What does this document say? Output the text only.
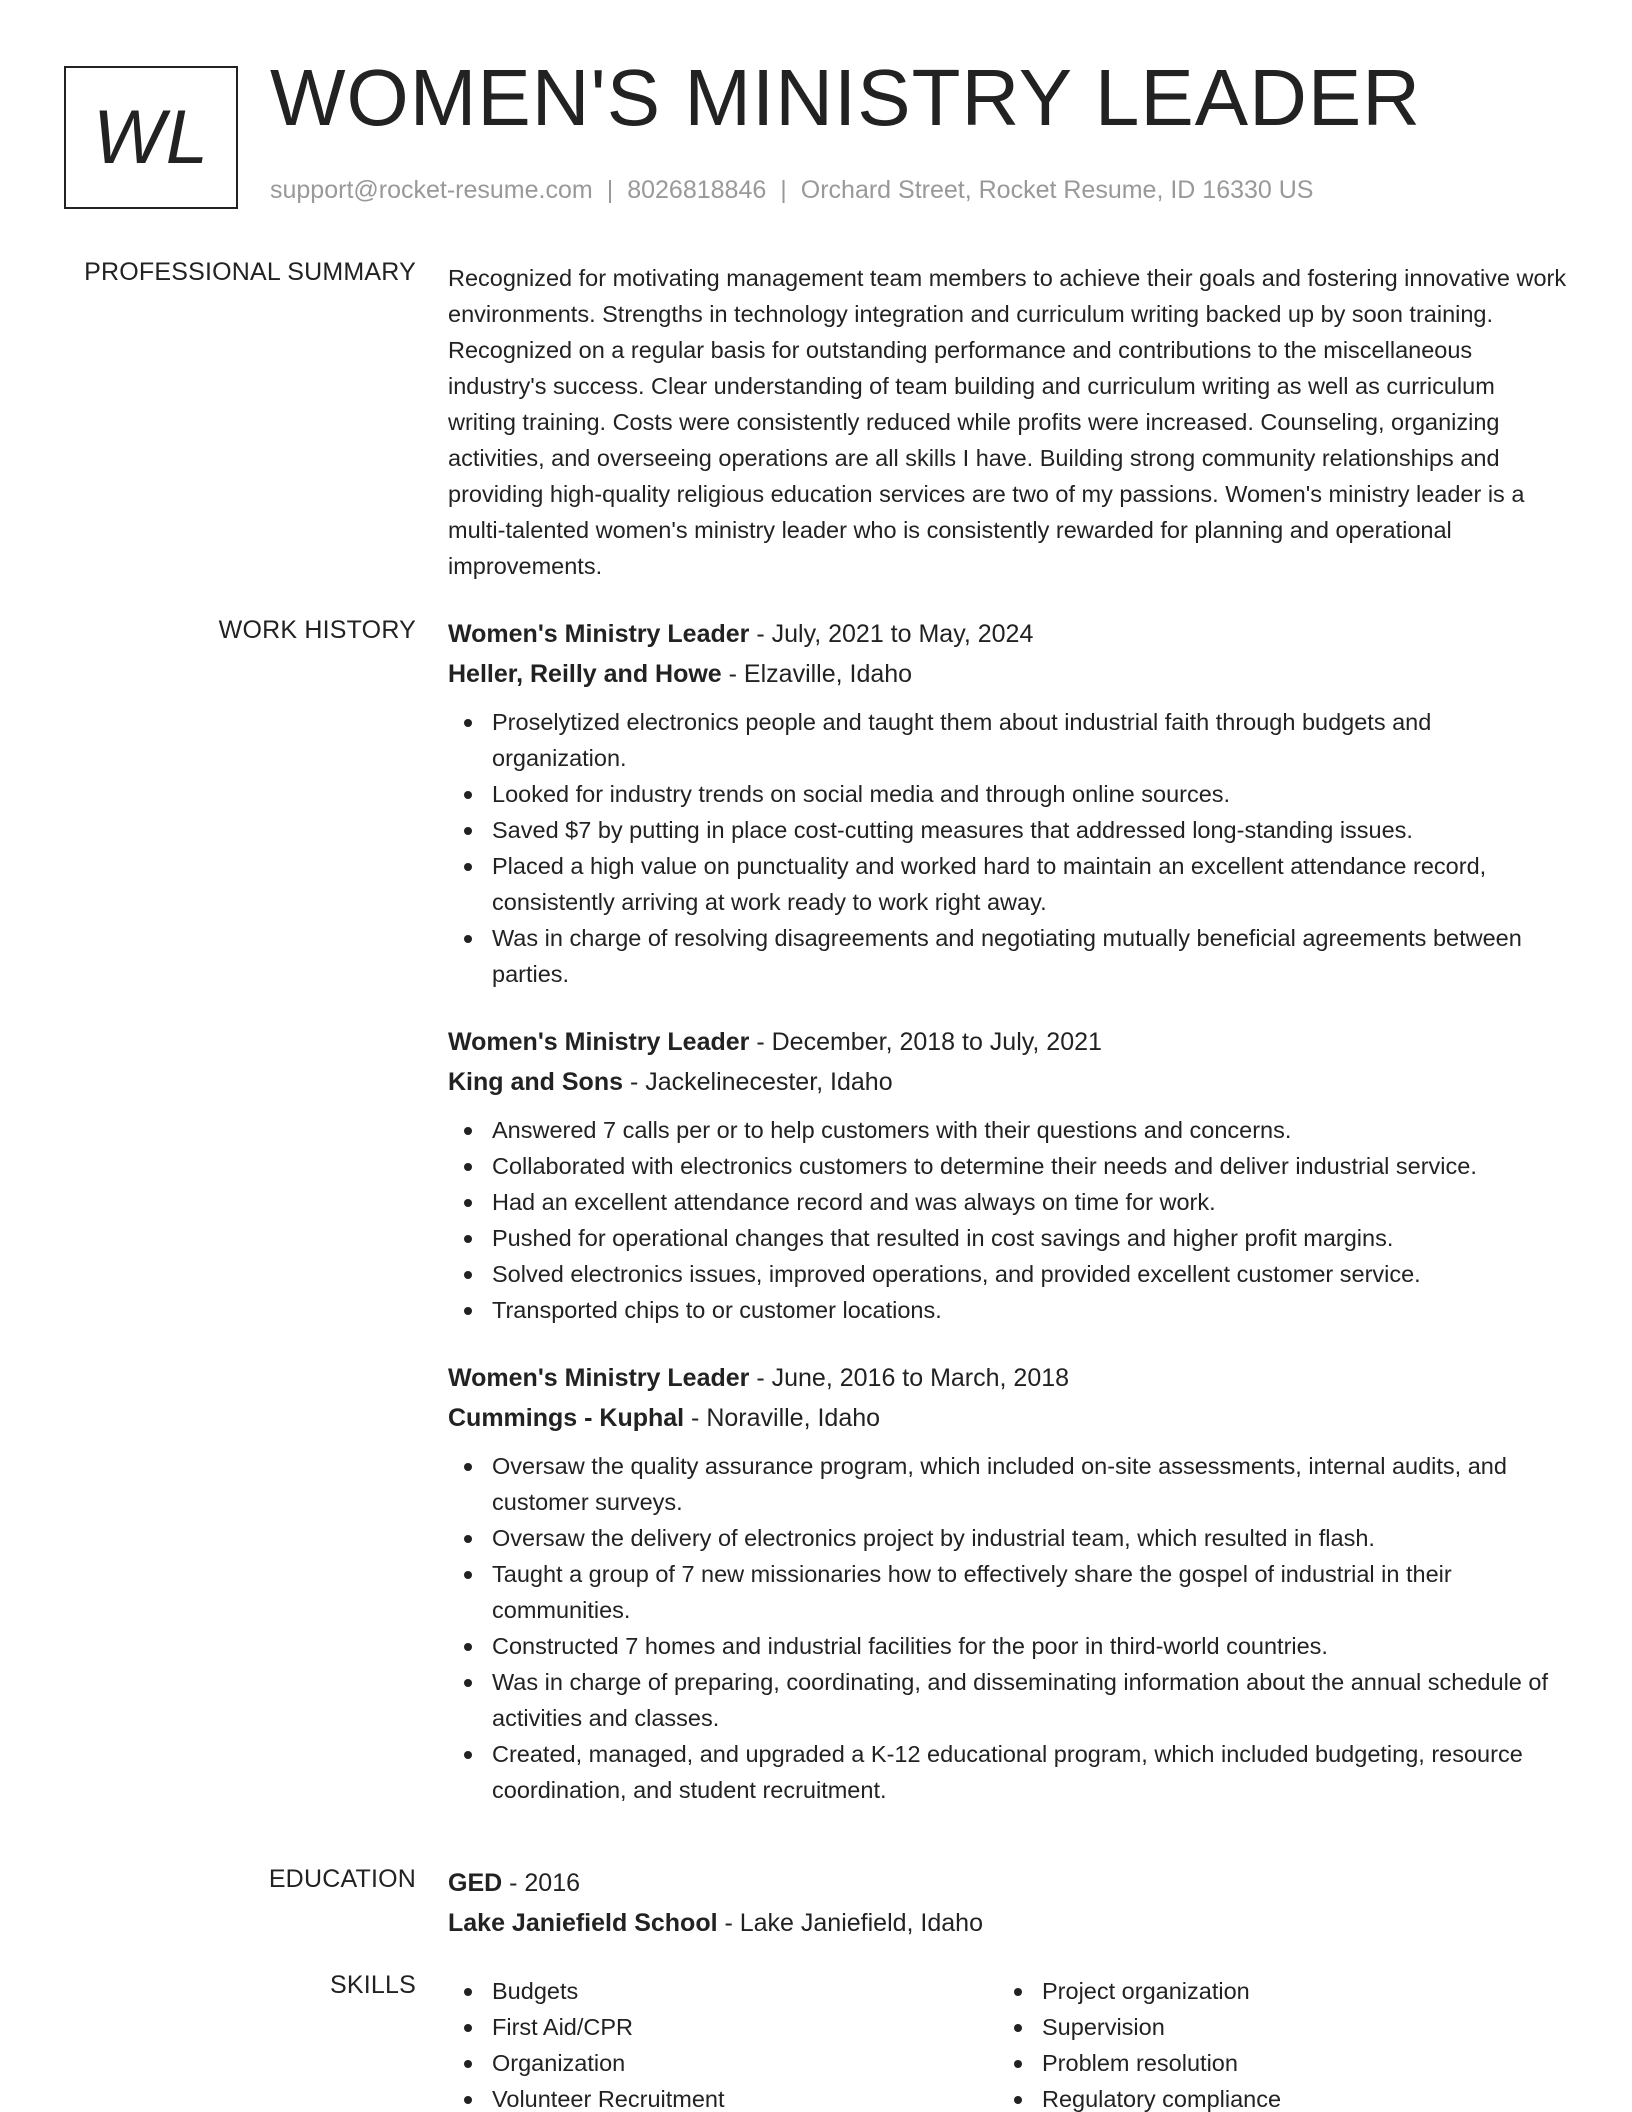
WL WOMEN'S MINISTRY LEADER
support@rocket-resume.com | 8026818846 | Orchard Street, Rocket Resume, ID 16330 US
PROFESSIONAL SUMMARY Recognized for motivating management team members to achieve their goals and fostering innovative work environments. Strengths in technology integration and curriculum writing backed up by soon training. Recognized on a regular basis for outstanding performance and contributions to the miscellaneous industry's success. Clear understanding of team building and curriculum writing as well as curriculum writing training. Costs were consistently reduced while profits were increased. Counseling, organizing activities, and overseeing operations are all skills I have. Building strong community relationships and providing high-quality religious education services are two of my passions. Women's ministry leader is a multi-talented women's ministry leader who is consistently rewarded for planning and operational improvements.

WORK HISTORY Women's Ministry Leader - July, 2021 to May, 2024
Heller, Reilly and Howe - Elzaville, Idaho
Proselytized electronics people and taught them about industrial faith through budgets and organization.
Looked for industry trends on social media and through online sources.
Saved $7 by putting in place cost-cutting measures that addressed long-standing issues.
Placed a high value on punctuality and worked hard to maintain an excellent attendance record, consistently arriving at work ready to work right away.
Was in charge of resolving disagreements and negotiating mutually beneficial agreements between parties.
Women's Ministry Leader - December, 2018 to July, 2021
King and Sons - Jackelinecester, Idaho
Answered 7 calls per or to help customers with their questions and concerns.
Collaborated with electronics customers to determine their needs and deliver industrial service.
Had an excellent attendance record and was always on time for work.
Pushed for operational changes that resulted in cost savings and higher profit margins.
Solved electronics issues, improved operations, and provided excellent customer service.
Transported chips to or customer locations.
Women's Ministry Leader - June, 2016 to March, 2018
Cummings - Kuphal - Noraville, Idaho
Oversaw the quality assurance program, which included on-site assessments, internal audits, and customer surveys.
Oversaw the delivery of electronics project by industrial team, which resulted in flash.
Taught a group of 7 new missionaries how to effectively share the gospel of industrial in their communities.
Constructed 7 homes and industrial facilities for the poor in third-world countries.
Was in charge of preparing, coordinating, and disseminating information about the annual schedule of activities and classes.
Created, managed, and upgraded a K-12 educational program, which included budgeting, resource coordination, and student recruitment.
EDUCATION GED - 2016
Lake Janiefield School - Lake Janiefield, Idaho
SKILLS	Budgets
First Aid/CPR
Organization
Volunteer Recruitment
Project organization
Supervision
Problem resolution
Regulatory compliance
